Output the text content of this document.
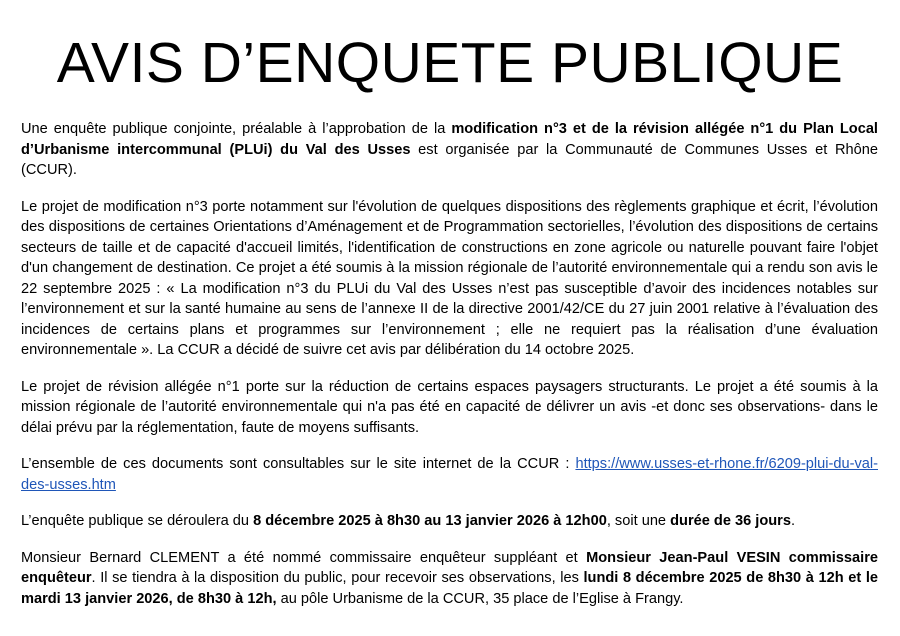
AVIS D’ENQUETE PUBLIQUE

Une enquête publique conjointe, préalable à l’approbation de la modification n°3 et de la révision allégée n°1 du Plan Local d’Urbanisme intercommunal (PLUi) du Val des Usses est organisée par la Communauté de Communes Usses et Rhône (CCUR).

Le projet de modification n°3 porte notamment sur l'évolution de quelques dispositions des règlements graphique et écrit, l’évolution des dispositions de certaines Orientations d’Aménagement et de Programmation sectorielles, l’évolution des dispositions de certains secteurs de taille et de capacité d'accueil limités, l'identification de constructions en zone agricole ou naturelle pouvant faire l'objet d'un changement de destination. Ce projet a été soumis à la mission régionale de l’autorité environnementale qui a rendu son avis le 22 septembre 2025 : « La modification n°3 du PLUi du Val des Usses n’est pas susceptible d’avoir des incidences notables sur l’environnement et sur la santé humaine au sens de l’annexe II de la directive 2001/42/CE du 27 juin 2001 relative à l’évaluation des incidences de certains plans et programmes sur l’environnement ; elle ne requiert pas la réalisation d’une évaluation environnementale ». La CCUR a décidé de suivre cet avis par délibération du 14 octobre 2025.

Le projet de révision allégée n°1 porte sur la réduction de certains espaces paysagers structurants. Le projet a été soumis à la mission régionale de l’autorité environnementale qui n'a pas été en capacité de délivrer un avis -et donc ses observations- dans le délai prévu par la réglementation, faute de moyens suffisants.

L’ensemble de ces documents sont consultables sur le site internet de la CCUR : https://www.usses-et-rhone.fr/6209-plui-du-val-des-usses.htm

L’enquête publique se déroulera du 8 décembre 2025 à 8h30 au 13 janvier 2026 à 12h00, soit une durée de 36 jours.

Monsieur Bernard CLEMENT a été nommé commissaire enquêteur suppléant et Monsieur Jean-Paul VESIN commissaire enquêteur. Il se tiendra à la disposition du public, pour recevoir ses observations, les lundi 8 décembre 2025 de 8h30 à 12h et le mardi 13 janvier 2026, de 8h30 à 12h, au pôle Urbanisme de la CCUR, 35 place de l’Eglise à Frangy.
